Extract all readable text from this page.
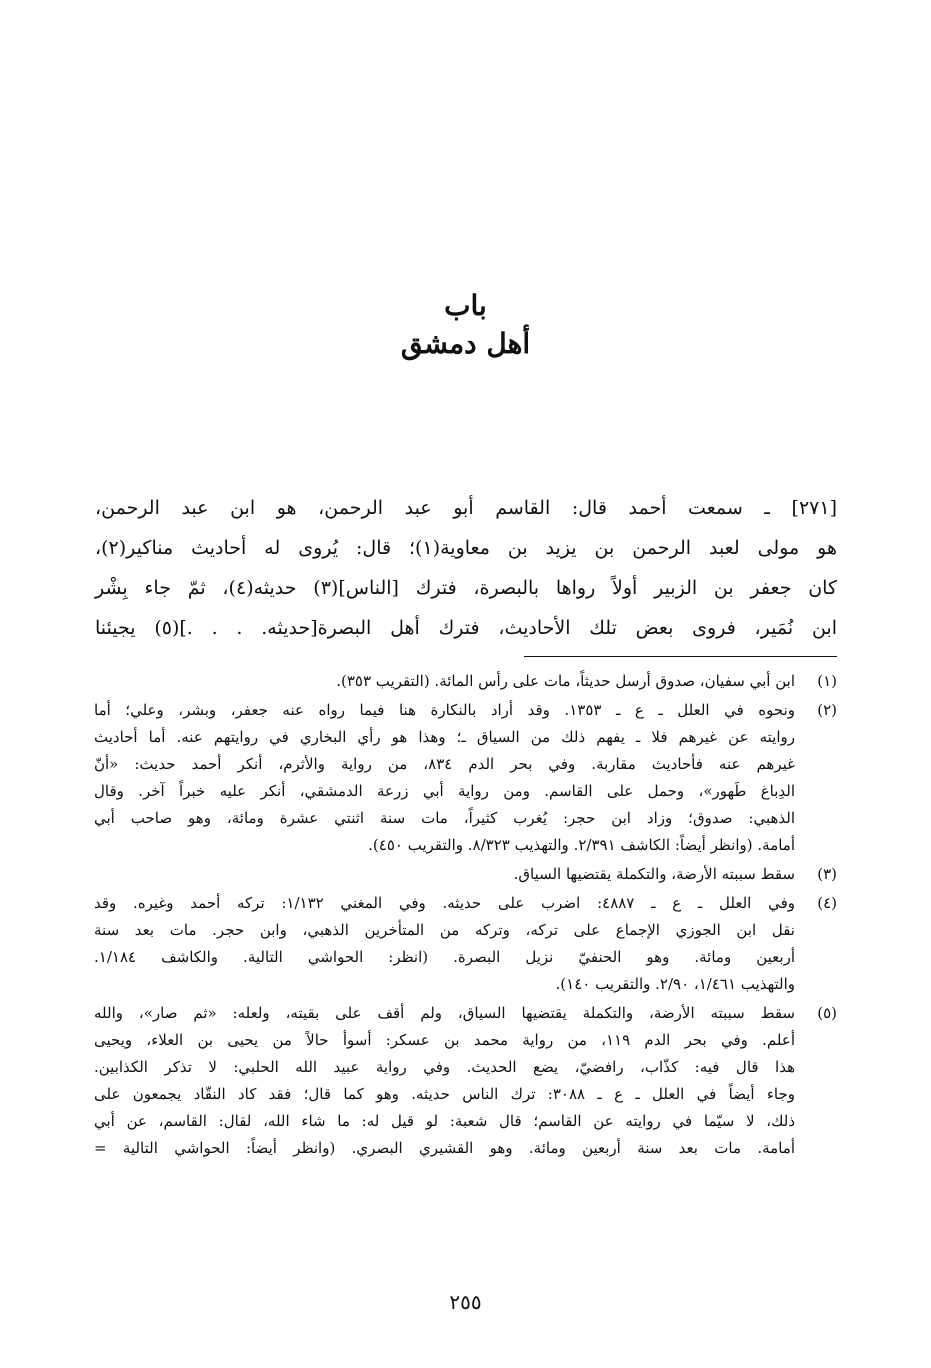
باب
أهل دمشق
[٢٧١] ـ سمعت أحمد قال: القاسم أبو عبد الرحمن، هو ابن عبد الرحمن،
هو مولى لعبد الرحمن بن يزيد بن معاوية(١)؛ قال: يُروى له أحاديث مناكير(٢)،
كان جعفر بن الزبير أولاً رواها بالبصرة، فترك [الناس](٣) حديثه(٤)، ثمّ جاء بِشْر
ابن نُمَير، فروى بعض تلك الأحاديث، فترك أهل البصرة[حديثه. . . .](٥) يجيئنا
(١)
ابن أبي سفيان، صدوق أرسل حديثاً، مات على رأس المائة. (التقريب ٣٥٣).
(٢)
ونحوه في العلل ـ ع ـ ١٣٥٣. وقد أراد بالنكارة هنا فيما رواه عنه جعفر، وبشر، وعلي؛ أما
روايته عن غيرهم فلا ـ يفهم ذلك من السياق ـ؛ وهذا هو رأي البخاري في روايتهم عنه. أما أحاديث
غيرهم عنه فأحاديث مقاربة. وفي بحر الدم ٨٣٤، من رواية والأثرم، أنكر أحمد حديث: «أنّ
الدِباغ طَهور»، وحمل على القاسم. ومن رواية أبي زرعة الدمشقي، أنكر عليه خبراً آخر. وقال
الذهبي: صدوق؛ وزاد ابن حجر: يُغرب كثيراً، مات سنة اثنتي عشرة ومائة، وهو صاحب أبي
أمامة. (وانظر أيضاً: الكاشف ٢/٣٩١. والتهذيب ٨/٣٢٣. والتقريب ٤٥٠).
(٣)
سقط سببته الأرضة، والتكملة يقتضيها السياق.
(٤)
وفي العلل ـ ع ـ ٤٨٨٧: اضرب على حديثه. وفي المغني ١/١٣٢: تركه أحمد وغيره. وقد
نقل ابن الجوزي الإجماع على تركه، وتركه من المتأخرين الذهبي، وابن حجر. مات بعد سنة
أربعين ومائة. وهو الحنفيّ نزيل البصرة. (انظر: الحواشي التالية. والكاشف ١/١٨٤.
والتهذيب ١/٤٦١، ٢/٩٠. والتقريب ١٤٠).
(٥)
سقط سببته الأرضة، والتكملة يقتضيها السياق، ولم أقف على بقيته، ولعله: «ثم صار»، والله
أعلم. وفي بحر الدم ١١٩، من رواية محمد بن عسكر: أسوأ حالاً من يحيى بن العلاء، ويحيى
هذا قال فيه: كذّاب، رافضيّ، يضع الحديث. وفي رواية عبيد الله الحلبي: لا تذكر الكذابين.
وجاء أيضاً في العلل ـ ع ـ ٣٠٨٨: ترك الناس حديثه. وهو كما قال؛ فقد كاد النقّاد يجمعون على
ذلك، لا سيّما في روايته عن القاسم؛ قال شعبة: لو قيل له: ما شاء الله، لقال: القاسم، عن أبي
أمامة. مات بعد سنة أربعين ومائة. وهو القشيري البصري. (وانظر أيضاً: الحواشي التالية =
٢٥٥
